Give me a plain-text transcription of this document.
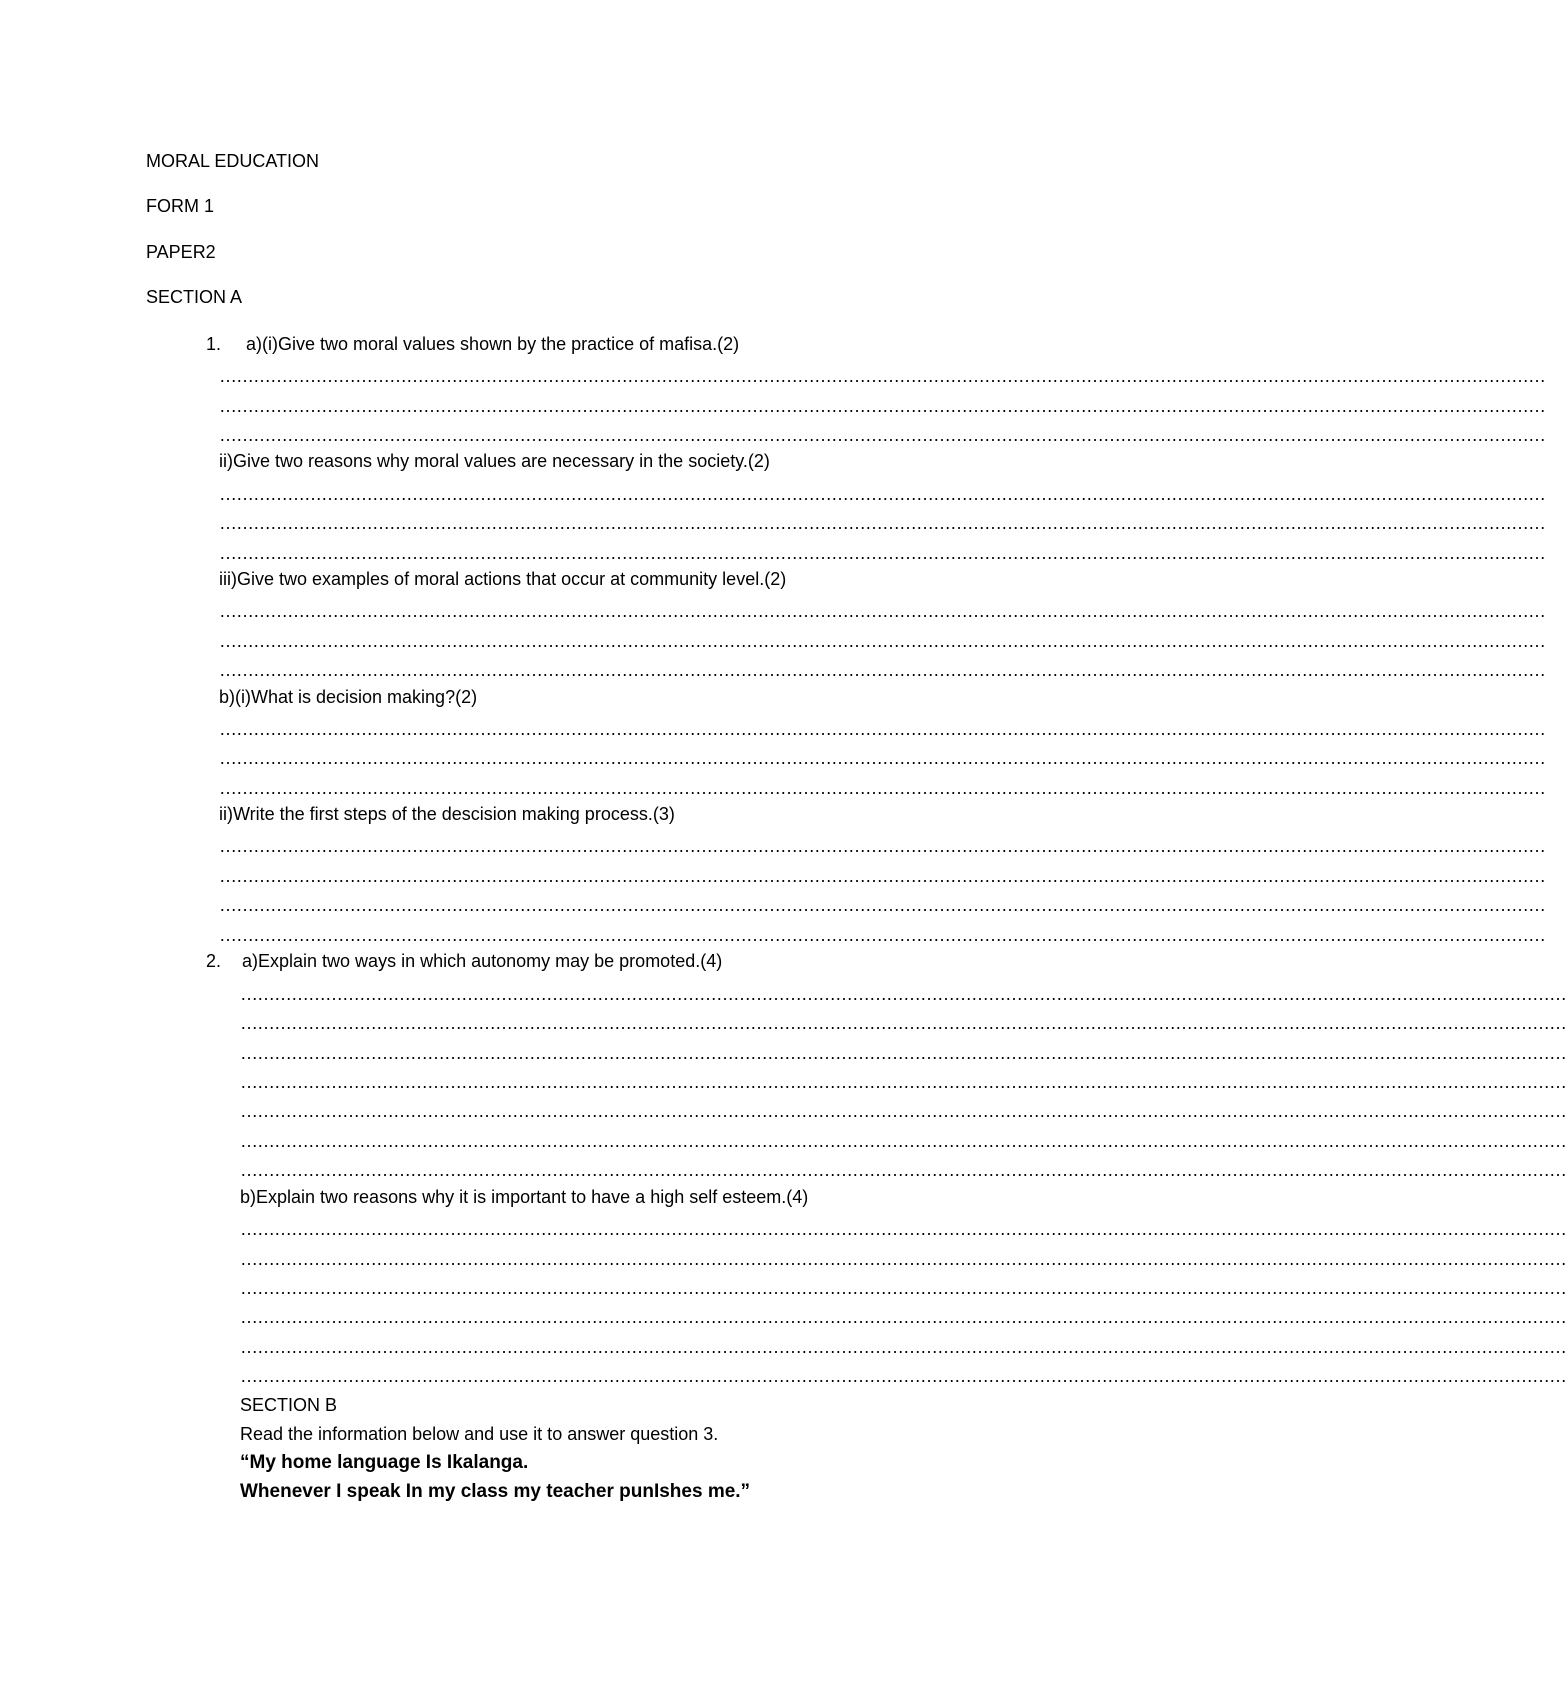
MORAL EDUCATION
FORM 1
PAPER2
SECTION A
1. a)(i)Give two moral values shown by the practice of mafisa.(2)
………………………………………………………………………………………………………………………………………………………………………………………………………………
………………………………………………………………………………………………………………………………………………………………………………………………………………
………………………………………………………………………………………………………………………………………………………………………………………………………………
ii)Give two reasons why moral values are necessary in the society.(2)
………………………………………………………………………………………………………………………………………………………………………………………………………………
………………………………………………………………………………………………………………………………………………………………………………………………………………
………………………………………………………………………………………………………………………………………………………………………………………………………………
iii)Give two examples of moral actions that occur at community level.(2)
………………………………………………………………………………………………………………………………………………………………………………………………………………
………………………………………………………………………………………………………………………………………………………………………………………………………………
………………………………………………………………………………………………………………………………………………………………………………………………………………
b)(i)What is decision making?(2)
………………………………………………………………………………………………………………………………………………………………………………………………………………
………………………………………………………………………………………………………………………………………………………………………………………………………………
………………………………………………………………………………………………………………………………………………………………………………………………………………
ii)Write the first steps of the descision making process.(3)
………………………………………………………………………………………………………………………………………………………………………………………………………………
………………………………………………………………………………………………………………………………………………………………………………………………………………
………………………………………………………………………………………………………………………………………………………………………………………………………………
………………………………………………………………………………………………………………………………………………………………………………………………………………
2. a)Explain two ways in which autonomy may be promoted.(4)
………………………………………………………………………………………………………………………………………………………………………………………………………………
………………………………………………………………………………………………………………………………………………………………………………………………………………
………………………………………………………………………………………………………………………………………………………………………………………………………………
………………………………………………………………………………………………………………………………………………………………………………………………………………
………………………………………………………………………………………………………………………………………………………………………………………………………………
………………………………………………………………………………………………………………………………………………………………………………………………………………
………………………………………………………………………………………………………………………………………………………………………………………………………………
b)Explain two reasons why it is important to have a high self esteem.(4)
………………………………………………………………………………………………………………………………………………………………………………………………………………
………………………………………………………………………………………………………………………………………………………………………………………………………………
………………………………………………………………………………………………………………………………………………………………………………………………………………
………………………………………………………………………………………………………………………………………………………………………………………………………………
………………………………………………………………………………………………………………………………………………………………………………………………………………
………………………………………………………………………………………………………………………………………………………………………………………………………………
SECTION B
Read the information below and use it to answer question 3.
“My home language Is Ikalanga.
Whenever I speak In my class my teacher punIshes me.”
